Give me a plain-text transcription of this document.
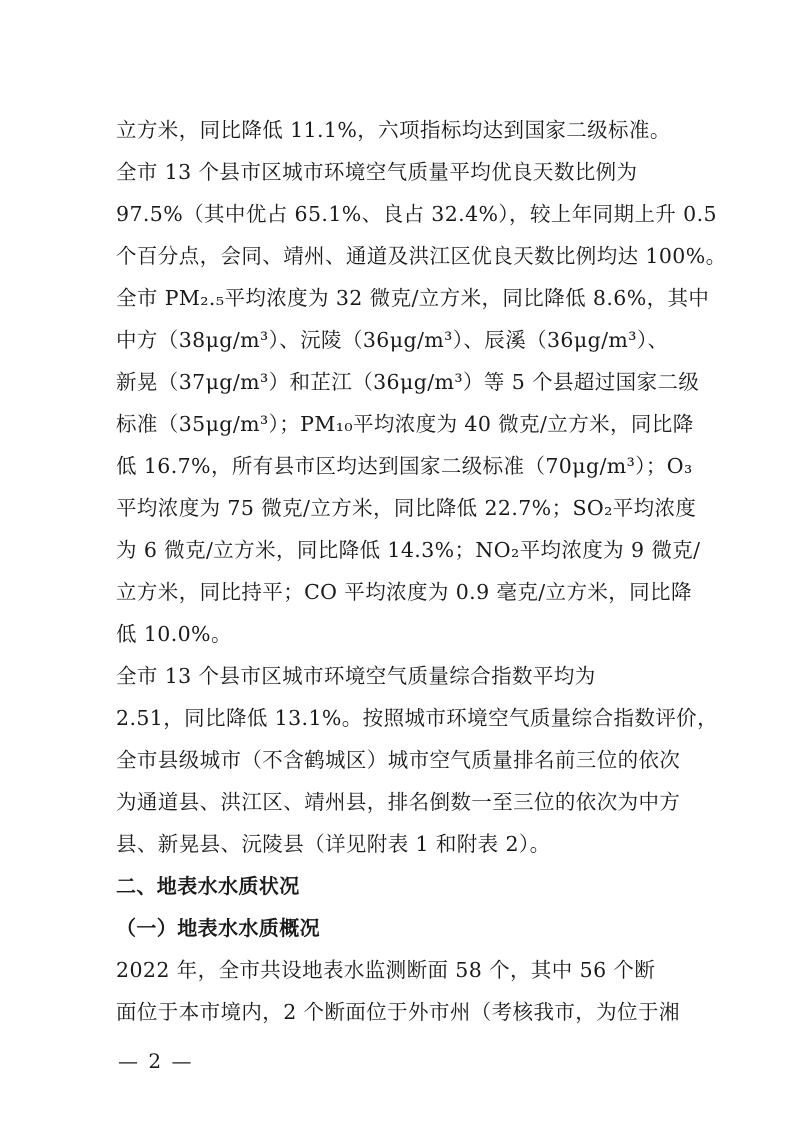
立方米，同比降低 11.1%，六项指标均达到国家二级标准。
全市 13 个县市区城市环境空气质量平均优良天数比例为
97.5%（其中优占 65.1%、良占 32.4%），较上年同期上升 0.5
个百分点，会同、靖州、通道及洪江区优良天数比例均达 100%。
全市 PM₂.₅平均浓度为 32 微克/立方米，同比降低 8.6%，其中
中方（38μg/m³）、沅陵（36μg/m³）、辰溪（36μg/m³）、
新晃（37μg/m³）和芷江（36μg/m³）等 5 个县超过国家二级
标准（35μg/m³）；PM₁₀平均浓度为 40 微克/立方米，同比降
低 16.7%，所有县市区均达到国家二级标准（70μg/m³）；O₃
平均浓度为 75 微克/立方米，同比降低 22.7%；SO₂平均浓度
为 6 微克/立方米，同比降低 14.3%；NO₂平均浓度为 9 微克/
立方米，同比持平；CO 平均浓度为 0.9 毫克/立方米，同比降
低 10.0%。
全市 13 个县市区城市环境空气质量综合指数平均为
2.51，同比降低 13.1%。按照城市环境空气质量综合指数评价，
全市县级城市（不含鹤城区）城市空气质量排名前三位的依次
为通道县、洪江区、靖州县，排名倒数一至三位的依次为中方
县、新晃县、沅陵县（详见附表 1 和附表 2）。
二、地表水水质状况
（一）地表水水质概况
2022 年，全市共设地表水监测断面 58 个，其中 56 个断
面位于本市境内，2 个断面位于外市州（考核我市，为位于湘
— 2 —
